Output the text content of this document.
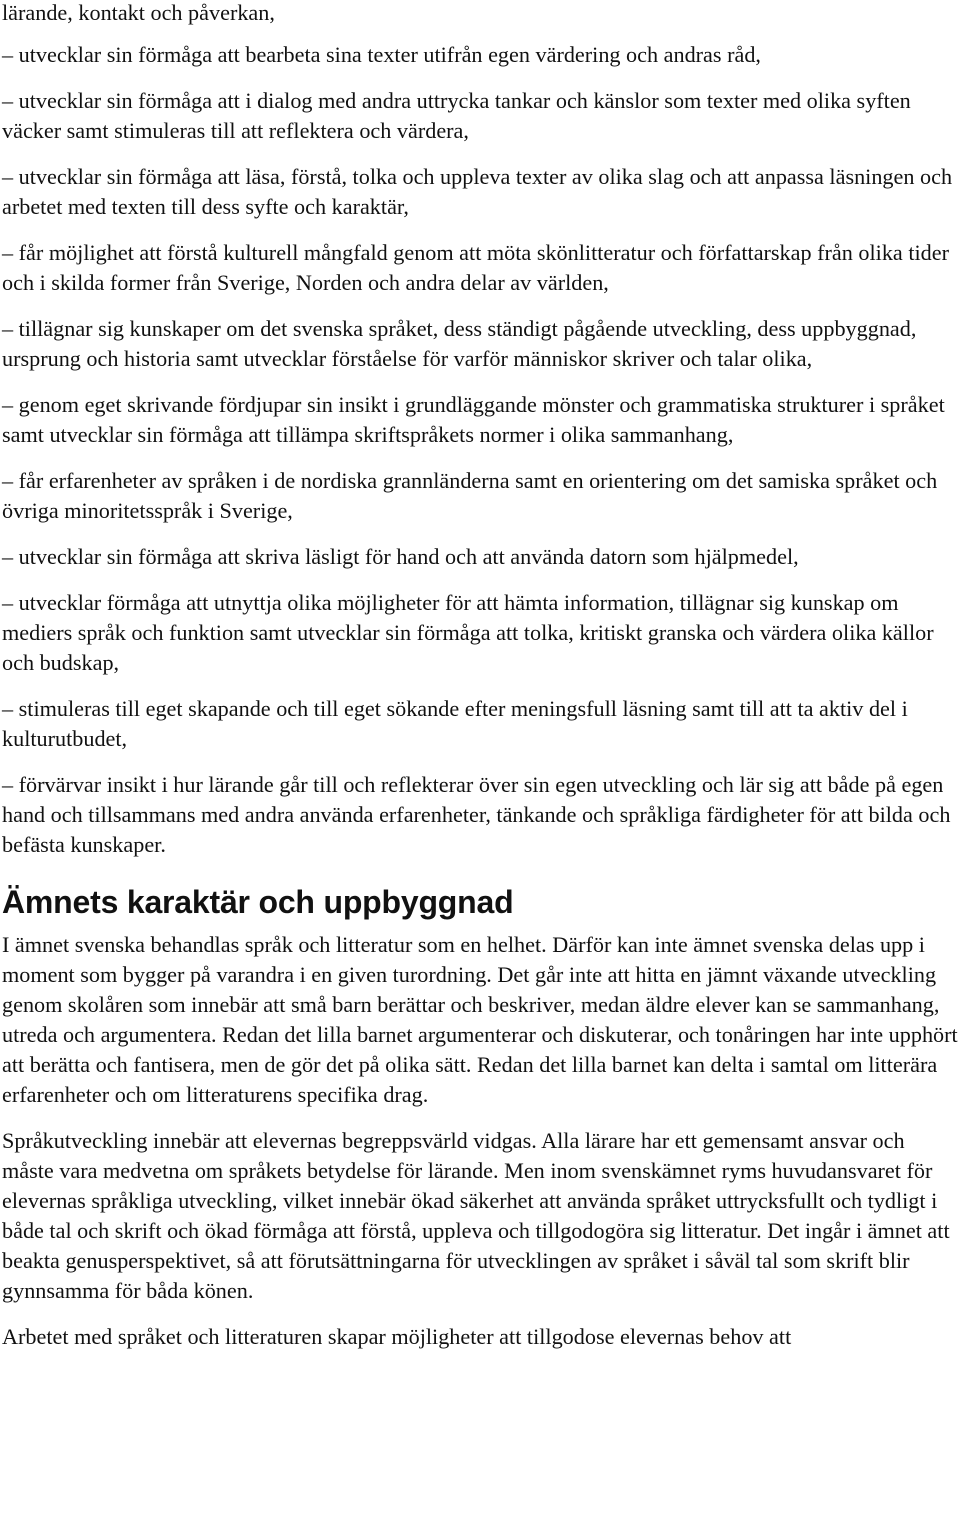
lärande, kontakt och påverkan,

– utvecklar sin förmåga att bearbeta sina texter utifrån egen värdering och andras råd,

– utvecklar sin förmåga att i dialog med andra uttrycka tankar och känslor som texter med olika syften väcker samt stimuleras till att reflektera och värdera,

– utvecklar sin förmåga att läsa, förstå, tolka och uppleva texter av olika slag och att anpassa läsningen och arbetet med texten till dess syfte och karaktär,

– får möjlighet att förstå kulturell mångfald genom att möta skönlitteratur och författarskap från olika tider och i skilda former från Sverige, Norden och andra delar av världen,

– tillägnar sig kunskaper om det svenska språket, dess ständigt pågående utveckling, dess uppbyggnad, ursprung och historia samt utvecklar förståelse för varför människor skriver och talar olika,

– genom eget skrivande fördjupar sin insikt i grundläggande mönster och grammatiska strukturer i språket samt utvecklar sin förmåga att tillämpa skriftspråkets normer i olika sammanhang,

– får erfarenheter av språken i de nordiska grannländerna samt en orientering om det samiska språket och övriga minoritetsspråk i Sverige,

– utvecklar sin förmåga att skriva läsligt för hand och att använda datorn som hjälpmedel,

– utvecklar förmåga att utnyttja olika möjligheter för att hämta information, tillägnar sig kunskap om mediers språk och funktion samt utvecklar sin förmåga att tolka, kritiskt granska och värdera olika källor och budskap,

– stimuleras till eget skapande och till eget sökande efter meningsfull läsning samt till att ta aktiv del i kulturutbudet,

– förvärvar insikt i hur lärande går till och reflekterar över sin egen utveckling och lär sig att både på egen hand och tillsammans med andra använda erfarenheter, tänkande och språkliga färdigheter för att bilda och befästa kunskaper.

Ämnets karaktär och uppbyggnad

I ämnet svenska behandlas språk och litteratur som en helhet. Därför kan inte ämnet svenska delas upp i moment som bygger på varandra i en given turordning. Det går inte att hitta en jämnt växande utveckling genom skolåren som innebär att små barn berättar och beskriver, medan äldre elever kan se sammanhang, utreda och argumentera. Redan det lilla barnet argumenterar och diskuterar, och tonåringen har inte upphört att berätta och fantisera, men de gör det på olika sätt. Redan det lilla barnet kan delta i samtal om litterära erfarenheter och om litteraturens specifika drag.

Språkutveckling innebär att elevernas begreppsvärld vidgas. Alla lärare har ett gemensamt ansvar och måste vara medvetna om språkets betydelse för lärande. Men inom svenskämnet ryms huvudansvaret för elevernas språkliga utveckling, vilket innebär ökad säkerhet att använda språket uttrycksfullt och tydligt i både tal och skrift och ökad förmåga att förstå, uppleva och tillgodogöra sig litteratur. Det ingår i ämnet att beakta genusperspektivet, så att förutsättningarna för utvecklingen av språket i såväl tal som skrift blir gynnsamma för båda könen.

Arbetet med språket och litteraturen skapar möjligheter att tillgodose elevernas behov att
